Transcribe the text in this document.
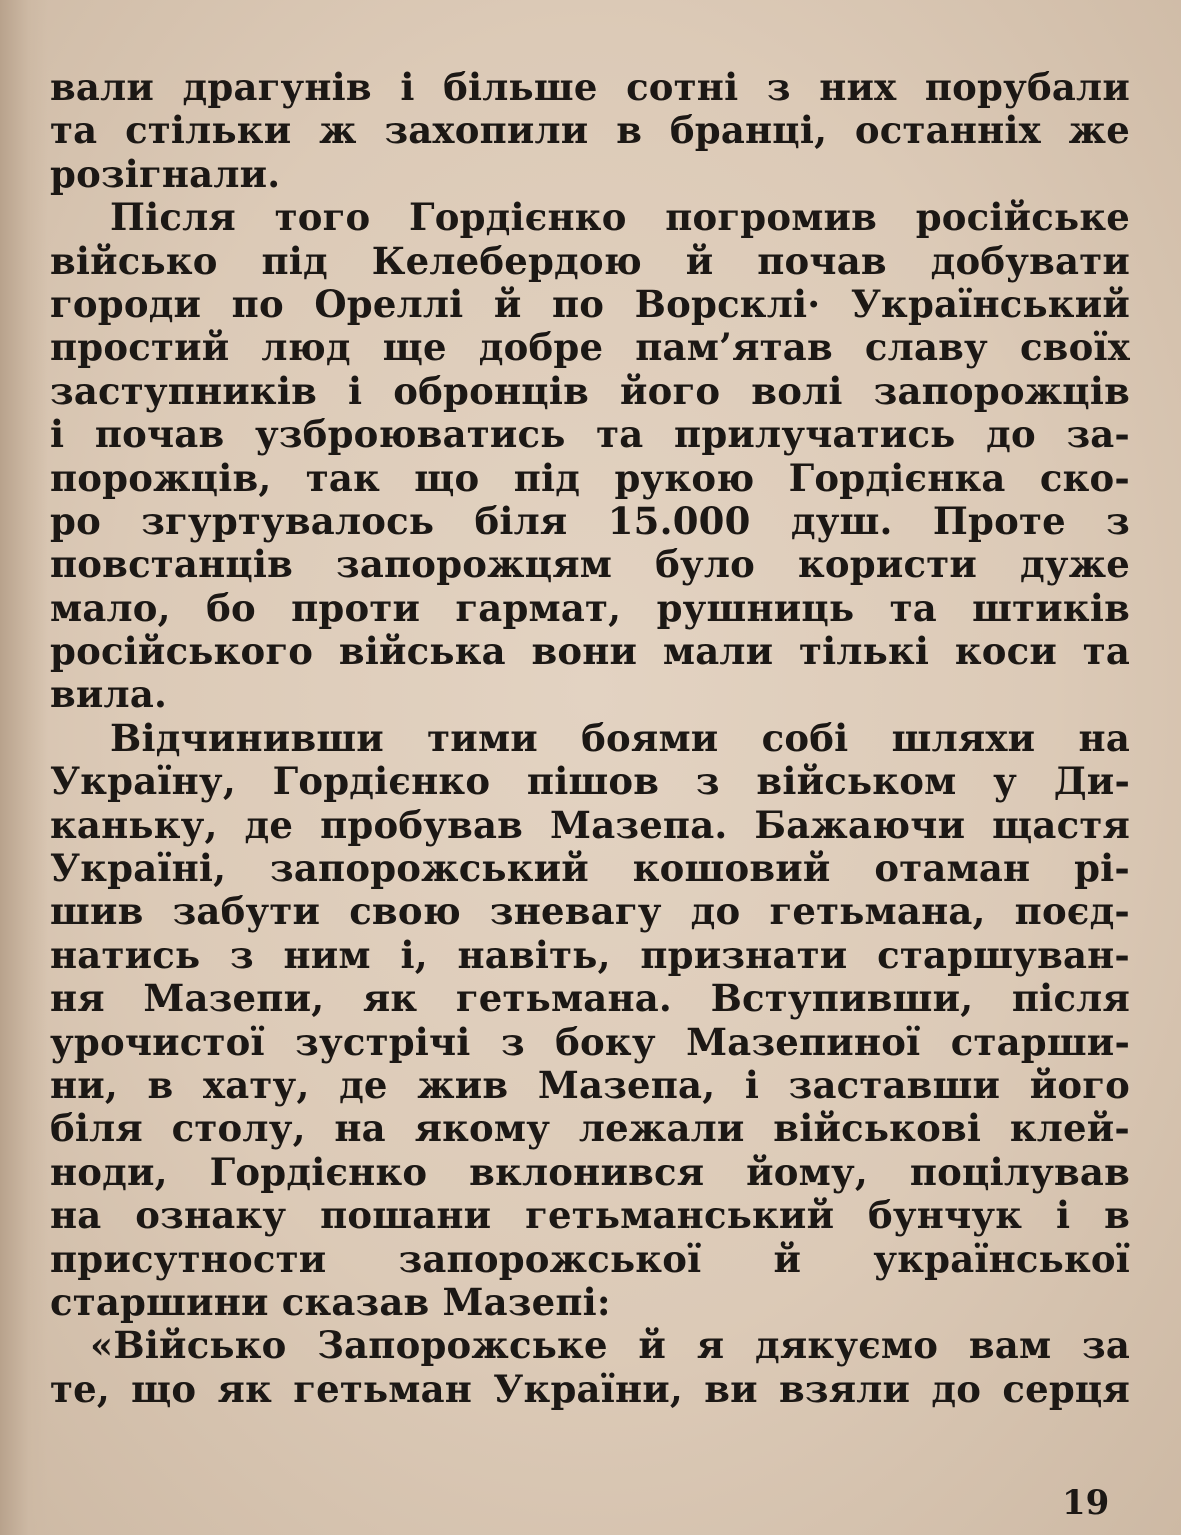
вали драгунів і більше сотні з них порубали
та стільки ж захопили в бранці, останніх же
розігнали.
Після того Гордієнко погромив російське
військо під Келебердою й почав добувати
городи по Ореллі й по Ворсклі· Український
простий люд ще добре пам’ятав славу своїх
заступників і обронців його волі запорожців
і почав узброюватись та прилучатись до за-
порожців, так що під рукою Гордієнка ско-
ро згуртувалось біля 15.000 душ. Проте з
повстанців запорожцям було користи дуже
мало, бо проти гармат, рушниць та штиків
російського війська вони мали тількі коси та
вила.
Відчинивши тими боями собі шляхи на
Україну, Гордієнко пішов з військом у Ди-
каньку, де пробував Мазепа. Бажаючи щастя
Україні, запорожський кошовий отаман рі-
шив забути свою зневагу до гетьмана, поєд-
натись з ним і, навіть, признати старшуван-
ня Мазепи, як гетьмана. Вступивши, після
урочистої зустрічі з боку Мазепиної старши-
ни, в хату, де жив Мазепа, і заставши його
біля столу, на якому лежали військові клей-
ноди, Гордієнко вклонився йому, поцілував
на ознаку пошани гетьманський бунчук і в
присутности запорожської й української
старшини сказав Мазепі:
«Військо Запорожське й я дякуємо вам за
те, що як гетьман України, ви взяли до серця
19
